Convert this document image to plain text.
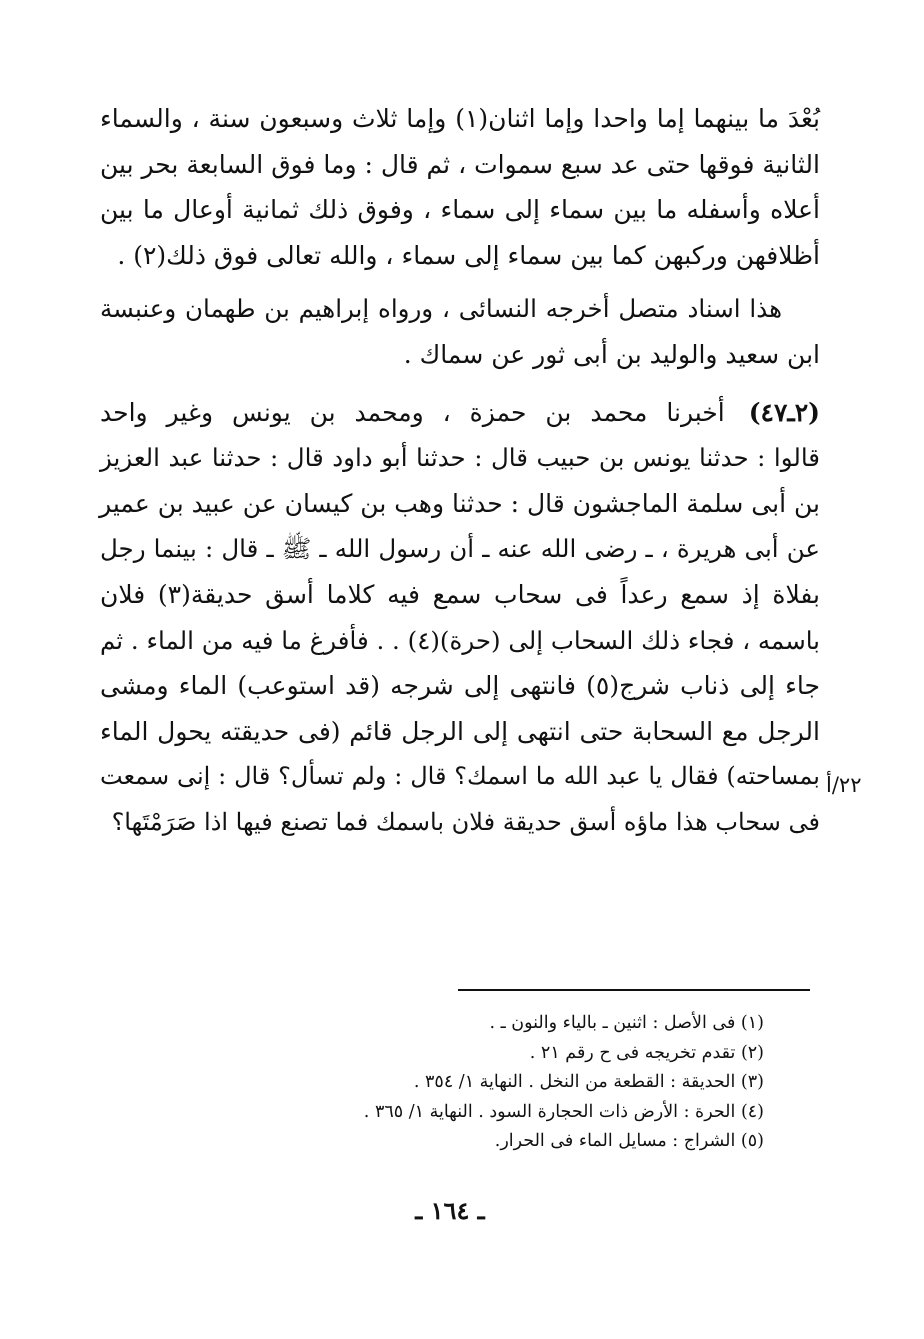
بُعْدَ ما بينهما إما واحدا وإما اثنان(١) وإما ثلاث وسبعون سنة ، والسماء
الثانية فوقها حتى عد سبع سموات ، ثم قال : وما فوق السابعة بحر بين
أعلاه وأسفله ما بين سماء إلى سماء ، وفوق ذلك ثمانية أوعال ما بين
أظلافهن وركبهن كما بين سماء إلى سماء ، والله تعالى فوق ذلك(٢) .
هذا اسناد متصل أخرجه النسائى ، ورواه إبراهيم بن طهمان وعنبسة
ابن سعيد والوليد بن أبى ثور عن سماك .
(٢ـ٤٧)أخبرنا محمد بن حمزة ، ومحمد بن يونس وغير واحد
قالوا : حدثنا يونس بن حبيب قال : حدثنا أبو داود قال : حدثنا عبد العزيز
بن أبى سلمة الماجشون قال : حدثنا وهب بن كيسان عن عبيد بن عمير
عن أبى هريرة ، ـ رضى الله عنه ـ أن رسول الله ـ ﷺ ـ قال : بينما رجل
بفلاة إذ سمع رعداً فى سحاب سمع فيه كلاما أسق حديقة(٣) فلان
باسمه ، فجاء ذلك السحاب إلى (حرة)(٤) . . فأفرغ ما فيه من الماء . ثم
جاء إلى ذناب شرج(٥) فانتهى إلى شرجه (قد استوعب) الماء ومشى
الرجل مع السحابة حتى انتهى إلى الرجل قائم (فى حديقته يحول الماء
بمساحته) فقال يا عبد الله ما اسمك؟ قال : ولم تسأل؟ قال : إنى سمعت
فى سحاب هذا ماؤه أسق حديقة فلان باسمك فما تصنع فيها اذا صَرَمْتَها؟
٢٢/أ
(١) فى الأصل : اثنين ـ بالياء والنون ـ .
(٢) تقدم تخريجه فى ح رقم ٢١ .
(٣) الحديقة : القطعة من النخل . النهاية ١/ ٣٥٤ .
(٤) الحرة : الأرض ذات الحجارة السود . النهاية ١/ ٣٦٥ .
(٥) الشراج : مسايل الماء فى الحرار.
ـ ١٦٤ ـ
